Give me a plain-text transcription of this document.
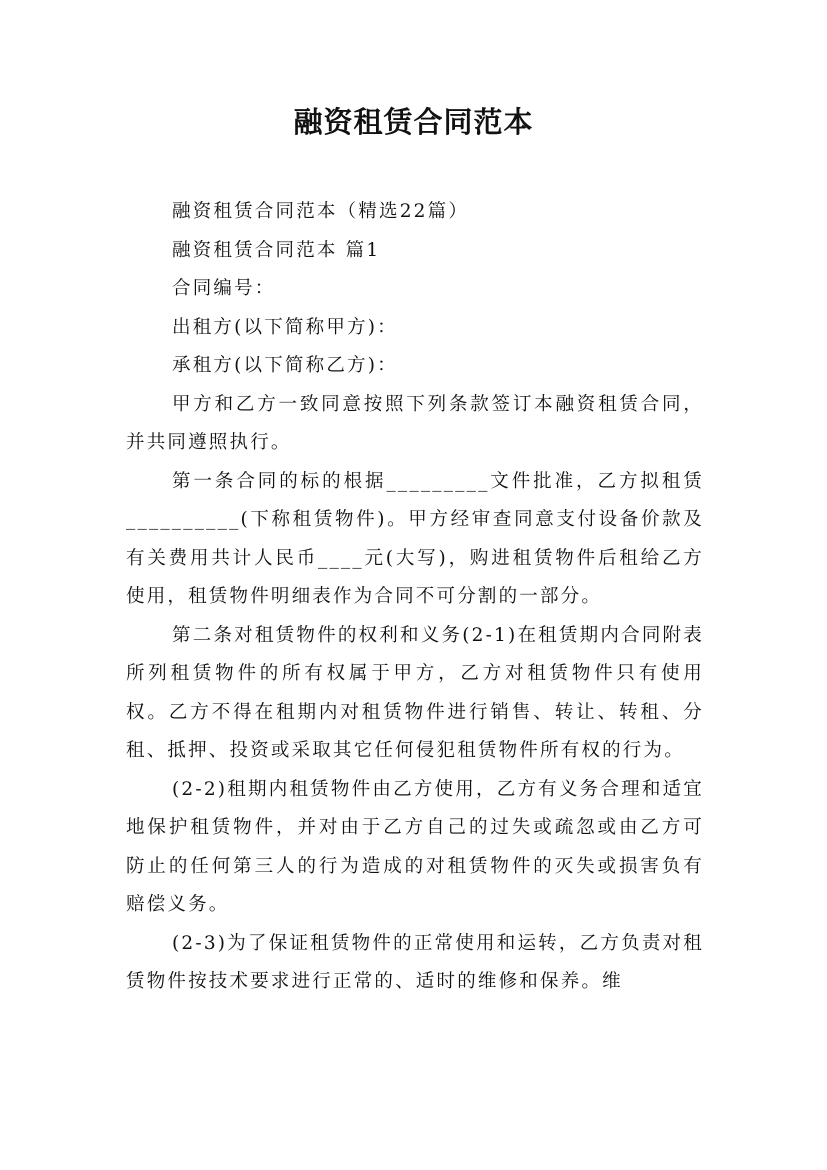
融资租赁合同范本

融资租赁合同范本（精选22篇）

融资租赁合同范本 篇1

合同编号：

出租方(以下简称甲方)：

承租方(以下简称乙方)：

甲方和乙方一致同意按照下列条款签订本融资租赁合同，并共同遵照执行。

第一条合同的标的根据_________文件批准，乙方拟租赁__________(下称租赁物件)。甲方经审查同意支付设备价款及有关费用共计人民币____元(大写)，购进租赁物件后租给乙方使用，租赁物件明细表作为合同不可分割的一部分。

第二条对租赁物件的权利和义务(2-1)在租赁期内合同附表所列租赁物件的所有权属于甲方，乙方对租赁物件只有使用权。乙方不得在租期内对租赁物件进行销售、转让、转租、分租、抵押、投资或采取其它任何侵犯租赁物件所有权的行为。

(2-2)租期内租赁物件由乙方使用，乙方有义务合理和适宜地保护租赁物件，并对由于乙方自己的过失或疏忽或由乙方可防止的任何第三人的行为造成的对租赁物件的灭失或损害负有赔偿义务。

(2-3)为了保证租赁物件的正常使用和运转，乙方负责对租赁物件按技术要求进行正常的、适时的维修和保养。维
